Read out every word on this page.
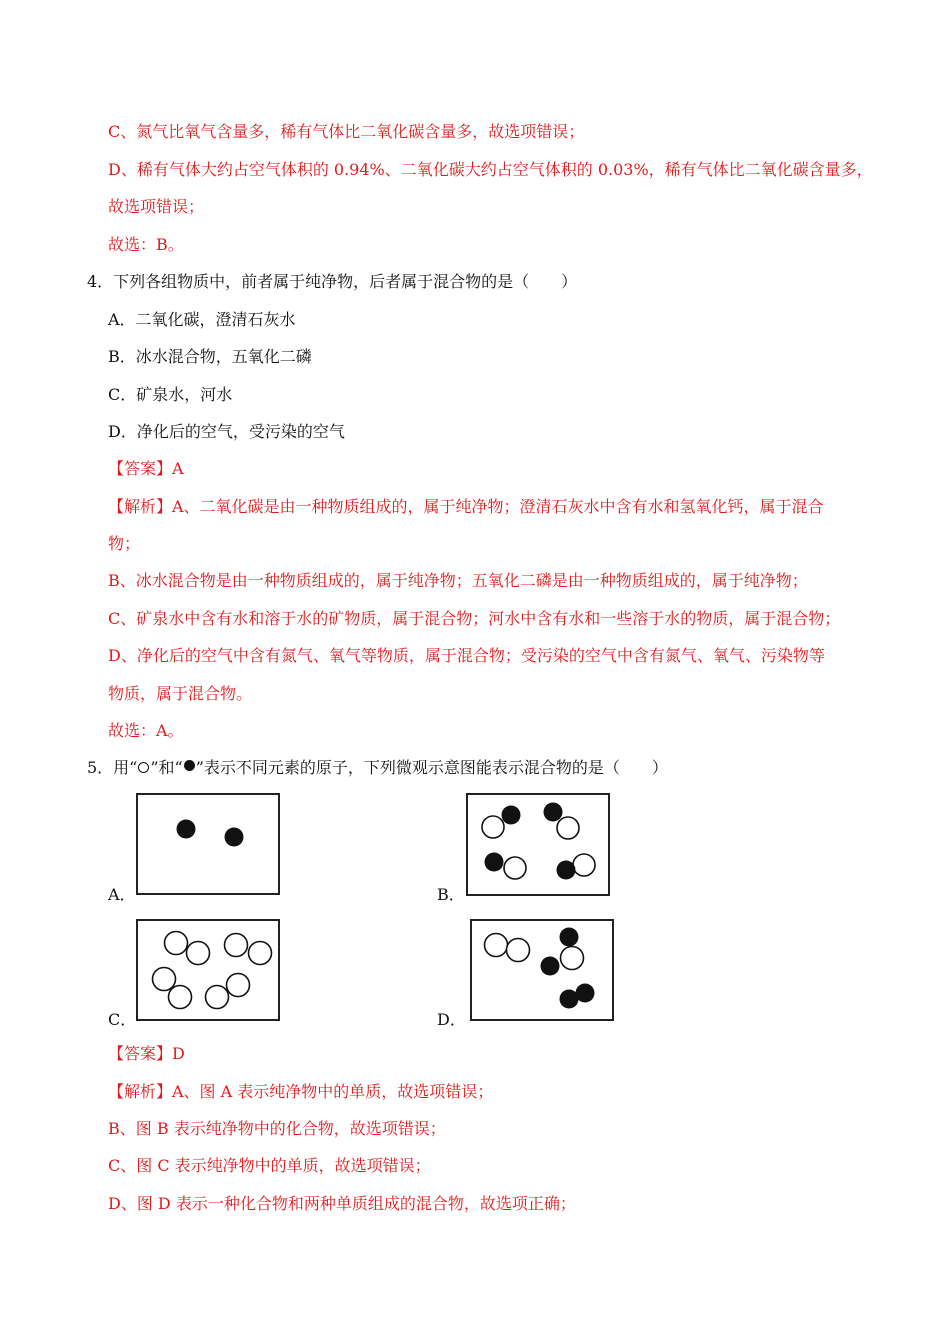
C、氮气比氧气含量多，稀有气体比二氧化碳含量多，故选项错误；
D、稀有气体大约占空气体积的 0.94%、二氧化碳大约占空气体积的 0.03%，稀有气体比二氧化碳含量多，
故选项错误；
故选：B。
4．下列各组物质中，前者属于纯净物，后者属于混合物的是（　　）
A．二氧化碳，澄清石灰水
B．冰水混合物，五氧化二磷
C．矿泉水，河水
D．净化后的空气，受污染的空气
【答案】A
【解析】A、二氧化碳是由一种物质组成的，属于纯净物；澄清石灰水中含有水和氢氧化钙，属于混合
物；
B、冰水混合物是由一种物质组成的，属于纯净物；五氧化二磷是由一种物质组成的，属于纯净物；
C、矿泉水中含有水和溶于水的矿物质，属于混合物；河水中含有水和一些溶于水的物质，属于混合物；
D、净化后的空气中含有氮气、氧气等物质，属于混合物；受污染的空气中含有氮气、氧气、污染物等
物质，属于混合物。
故选：A。
5．用“ ”和“ ”表示不同元素的原子，下列微观示意图能表示混合物的是（　　）
A．	B．
C．	D．
【答案】D
【解析】A、图 A 表示纯净物中的单质，故选项错误；
B、图 B 表示纯净物中的化合物，故选项错误；
C、图 C 表示纯净物中的单质，故选项错误；
D、图 D 表示一种化合物和两种单质组成的混合物，故选项正确；
